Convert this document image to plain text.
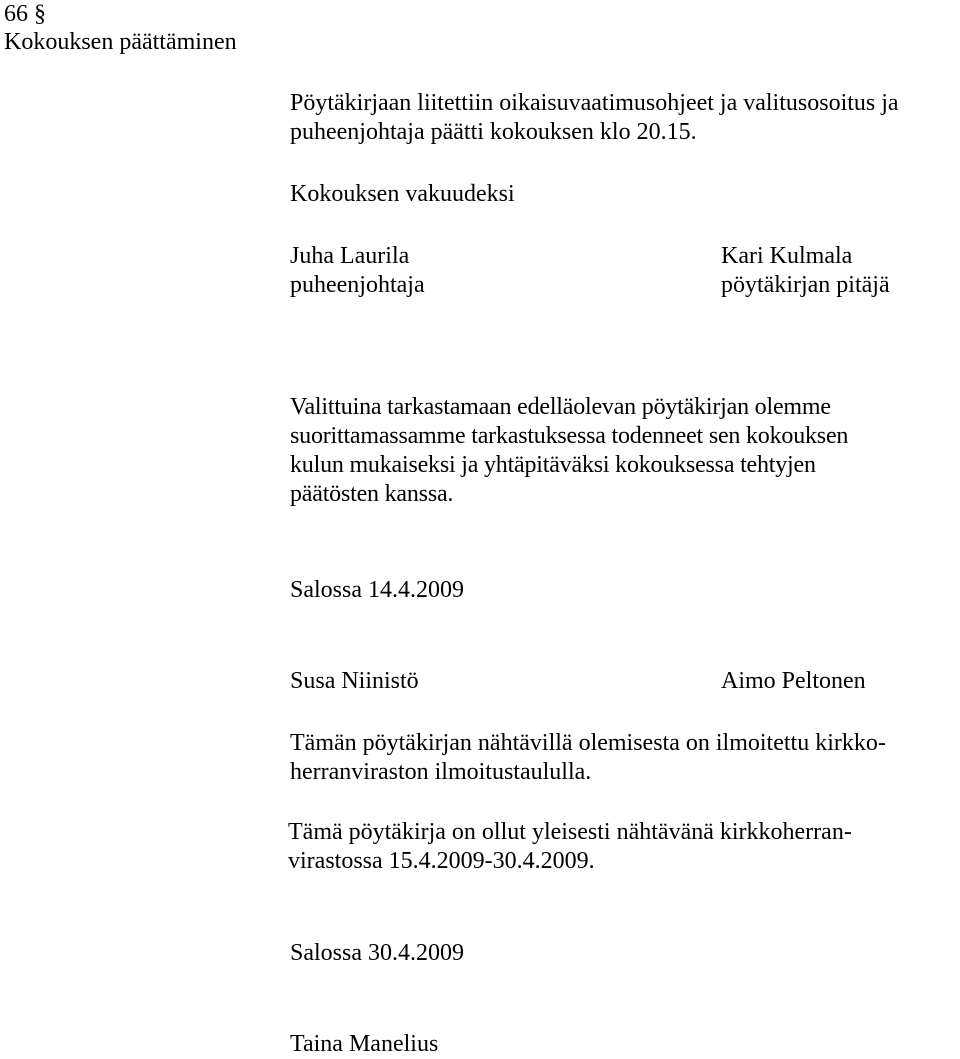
66 §
Kokouksen päättäminen
Pöytäkirjaan liitettiin oikaisuvaatimusohjeet ja valitusosoitus ja
puheenjohtaja päätti kokouksen klo 20.15.
Kokouksen vakuudeksi
Juha Laurila
puheenjohtaja
Kari Kulmala
pöytäkirjan pitäjä
Valittuina tarkastamaan edelläolevan pöytäkirjan olemme
suorittamassamme tarkastuksessa todenneet sen kokouksen
kulun mukaiseksi ja yhtäpitäväksi kokouksessa tehtyjen
päätösten kanssa.
Salossa 14.4.2009
Susa Niinistö	Aimo Peltonen
Tämän pöytäkirjan nähtävillä olemisesta on ilmoitettu kirkko-
herranviraston ilmoitustaululla.
Tämä pöytäkirja on ollut yleisesti nähtävänä kirkkoherran-
virastossa 15.4.2009-30.4.2009.
Salossa 30.4.2009
Taina Manelius
